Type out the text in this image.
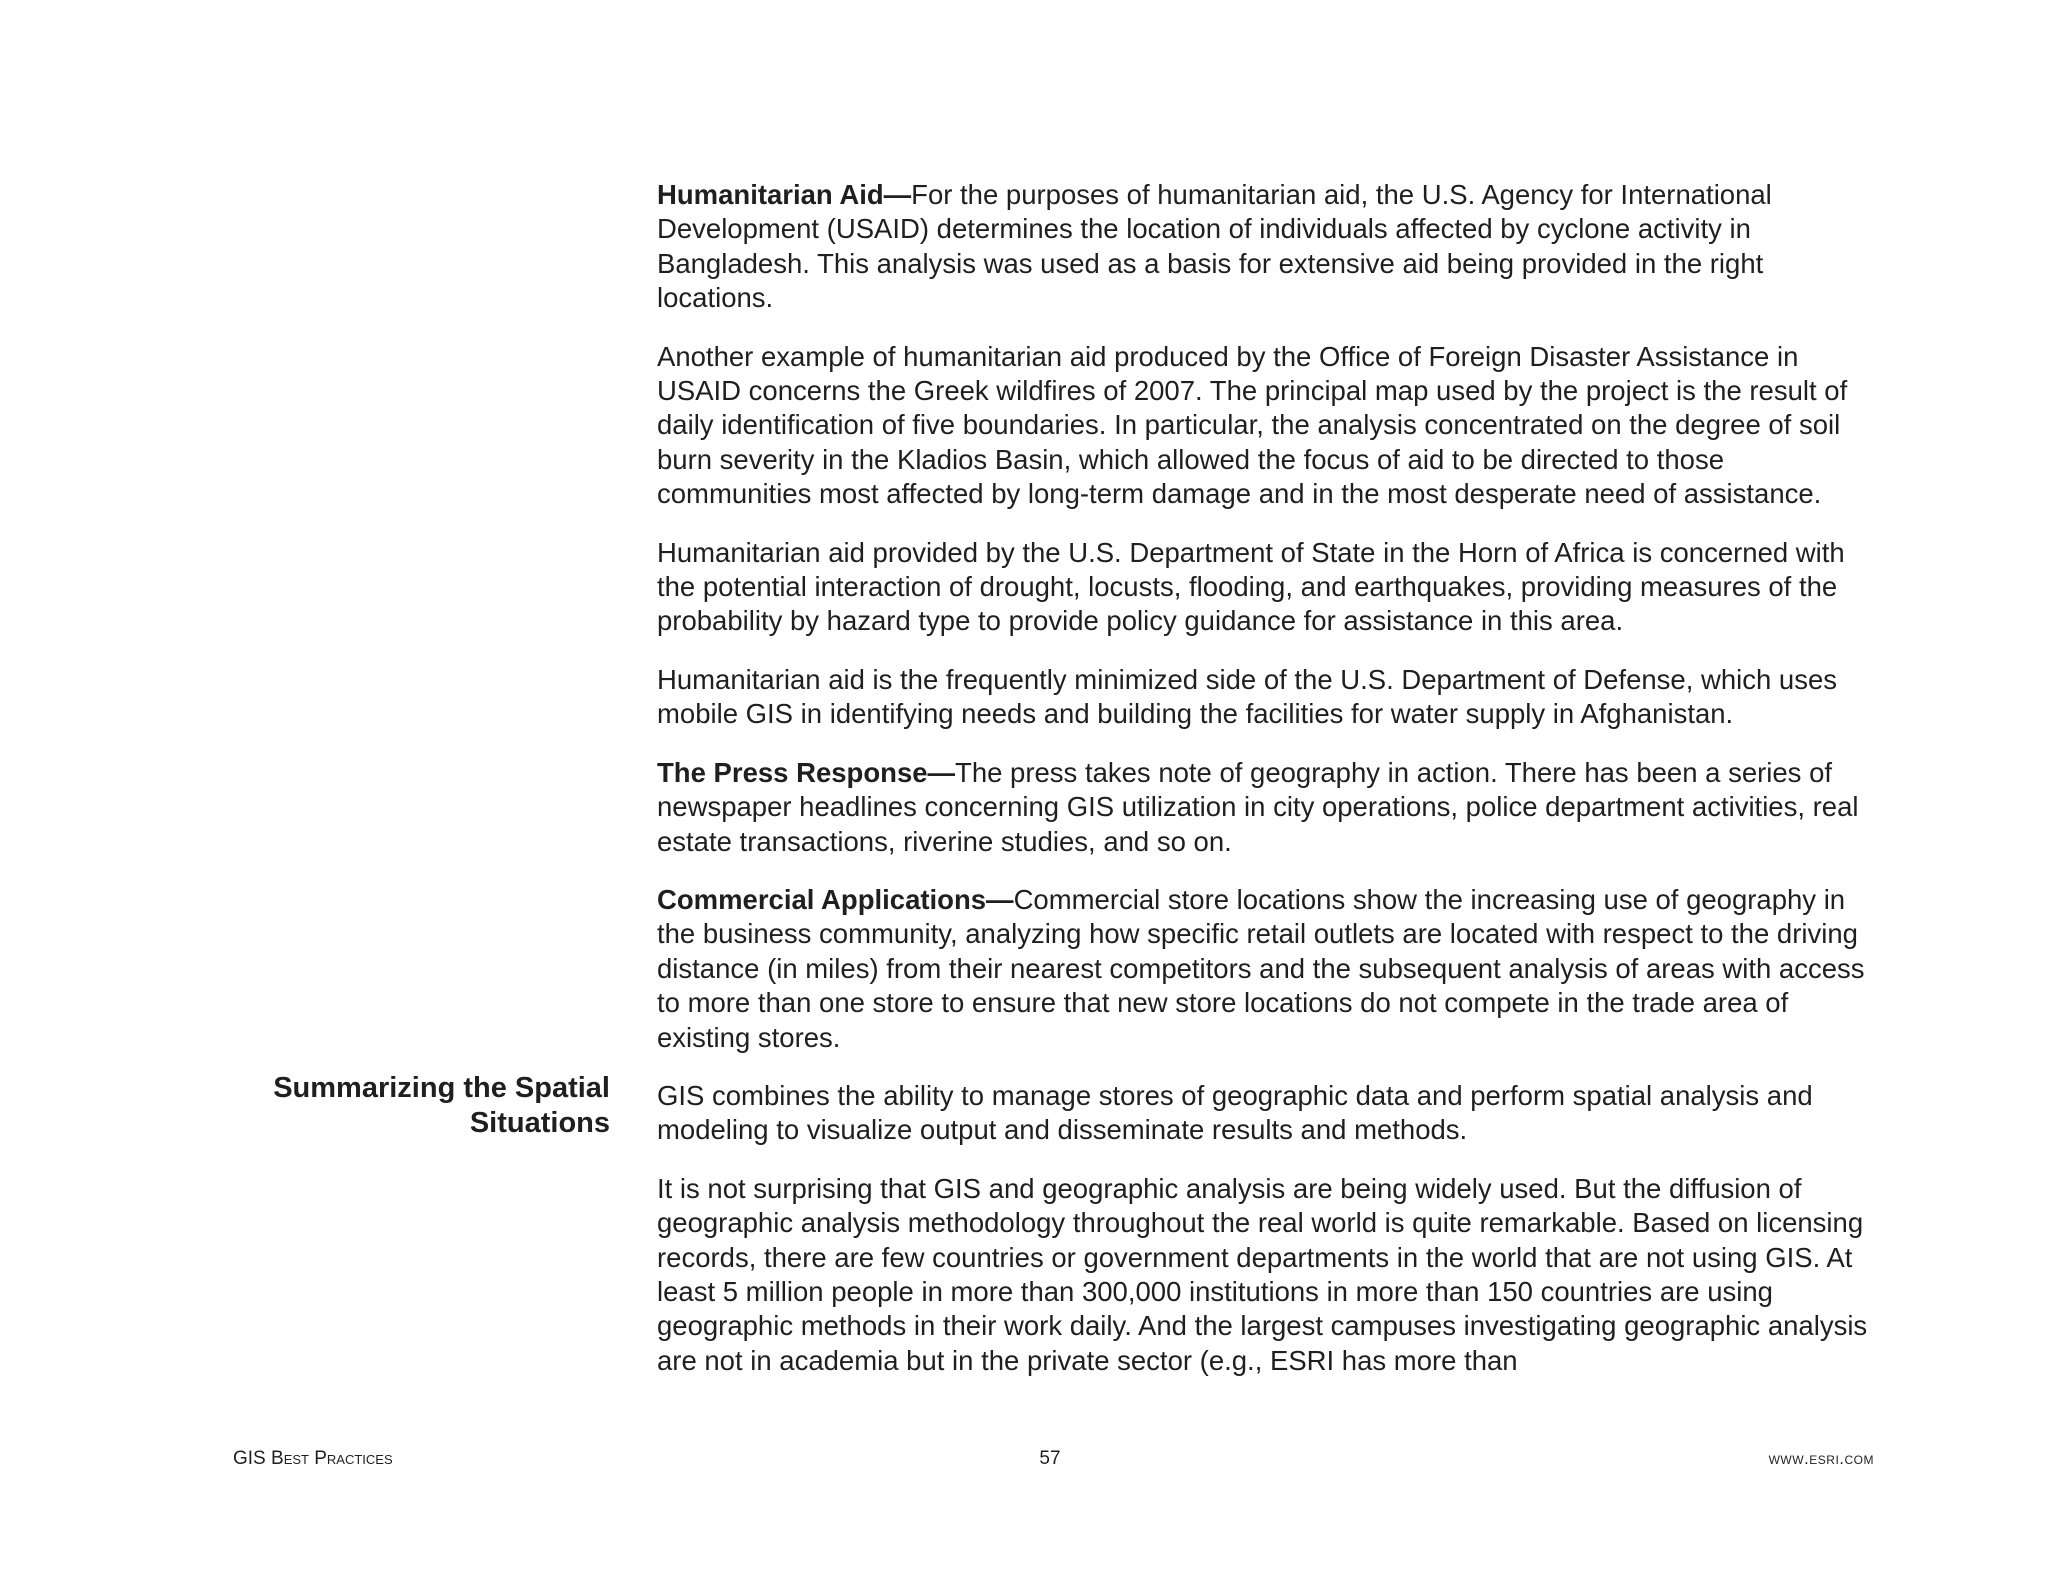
Humanitarian Aid—For the purposes of humanitarian aid, the U.S. Agency for International Development (USAID) determines the location of individuals affected by cyclone activity in Bangladesh. This analysis was used as a basis for extensive aid being provided in the right locations.

Another example of humanitarian aid produced by the Office of Foreign Disaster Assistance in USAID concerns the Greek wildfires of 2007. The principal map used by the project is the result of daily identification of five boundaries. In particular, the analysis concentrated on the degree of soil burn severity in the Kladios Basin, which allowed the focus of aid to be directed to those communities most affected by long-term damage and in the most desperate need of assistance.

Humanitarian aid provided by the U.S. Department of State in the Horn of Africa is concerned with the potential interaction of drought, locusts, flooding, and earthquakes, providing measures of the probability by hazard type to provide policy guidance for assistance in this area.

Humanitarian aid is the frequently minimized side of the U.S. Department of Defense, which uses mobile GIS in identifying needs and building the facilities for water supply in Afghanistan.

The Press Response—The press takes note of geography in action. There has been a series of newspaper headlines concerning GIS utilization in city operations, police department activities, real estate transactions, riverine studies, and so on.

Commercial Applications—Commercial store locations show the increasing use of geography in the business community, analyzing how specific retail outlets are located with respect to the driving distance (in miles) from their nearest competitors and the subsequent analysis of areas with access to more than one store to ensure that new store locations do not compete in the trade area of existing stores.

GIS combines the ability to manage stores of geographic data and perform spatial analysis and modeling to visualize output and disseminate results and methods.

It is not surprising that GIS and geographic analysis are being widely used. But the diffusion of geographic analysis methodology throughout the real world is quite remarkable. Based on licensing records, there are few countries or government departments in the world that are not using GIS. At least 5 million people in more than 300,000 institutions in more than 150 countries are using geographic methods in their work daily. And the largest campuses investigating geographic analysis are not in academia but in the private sector (e.g., ESRI has more than

Summarizing the Spatial Situations
GIS Best Practices	57	www.esri.com
